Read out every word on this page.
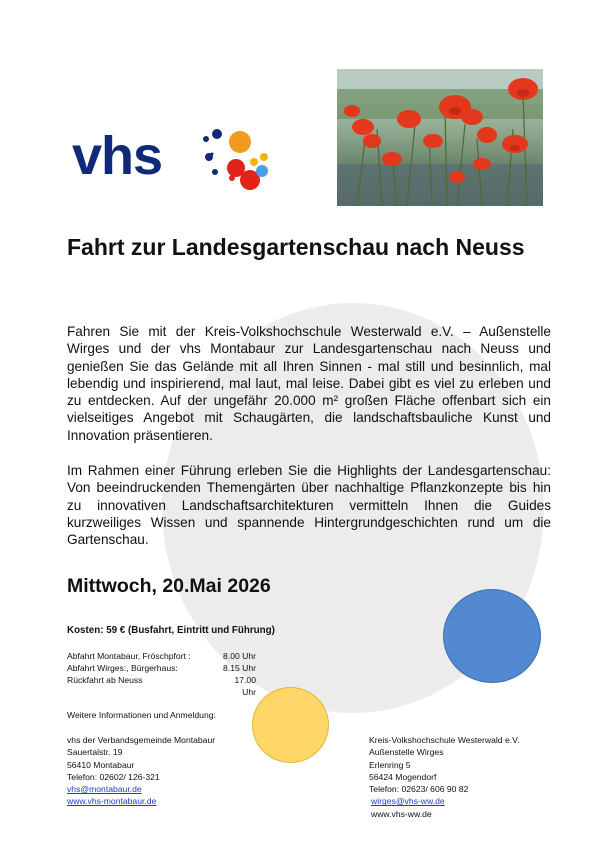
vhs
Fahrt zur Landesgartenschau nach Neuss

Fahren Sie mit der Kreis-Volkshochschule Westerwald e.V. – Außenstelle Wirges und der vhs Montabaur zur Landesgartenschau nach Neuss und genießen Sie das Gelände mit all Ihren Sinnen - mal still und besinnlich, mal lebendig und inspirierend, mal laut, mal leise. Dabei gibt es viel zu erleben und zu entdecken. Auf der ungefähr 20.000 m² großen Fläche offenbart sich ein vielseitiges Angebot mit Schaugärten, die landschaftsbauliche Kunst und Innovation präsentieren.

Im Rahmen einer Führung erleben Sie die Highlights der Landesgartenschau: Von beeindruckenden Themengärten über nachhaltige Pflanzkonzepte bis hin zu innovativen Landschaftsarchitekturen vermitteln Ihnen die Guides kurzweiliges Wissen und spannende Hintergrundgeschichten rund um die Gartenschau.

Mittwoch, 20.Mai 2026

Kosten: 59 € (Busfahrt, Eintritt und Führung)
Abfahrt Montabaur, Fröschpfort :	8.00 Uhr
Abfahrt Wirges:, Bürgerhaus:	8.15 Uhr
Rückfahrt ab Neuss	17.00 Uhr
Weitere Informationen und Anmeldung:
vhs der Verbandsgemeinde Montabaur
Sauertalstr. 19
56410 Montabaur
Telefon: 02602/ 126-321
vhs@montabaur.de
www.vhs-montabaur.de
Kreis-Volkshochschule Westerwald e.V.
Außenstelle Wirges
Erlenring 5
56424 Mogendorf
Telefon: 02623/ 606 90 82
wirges@vhs-ww.de
www.vhs-ww.de
